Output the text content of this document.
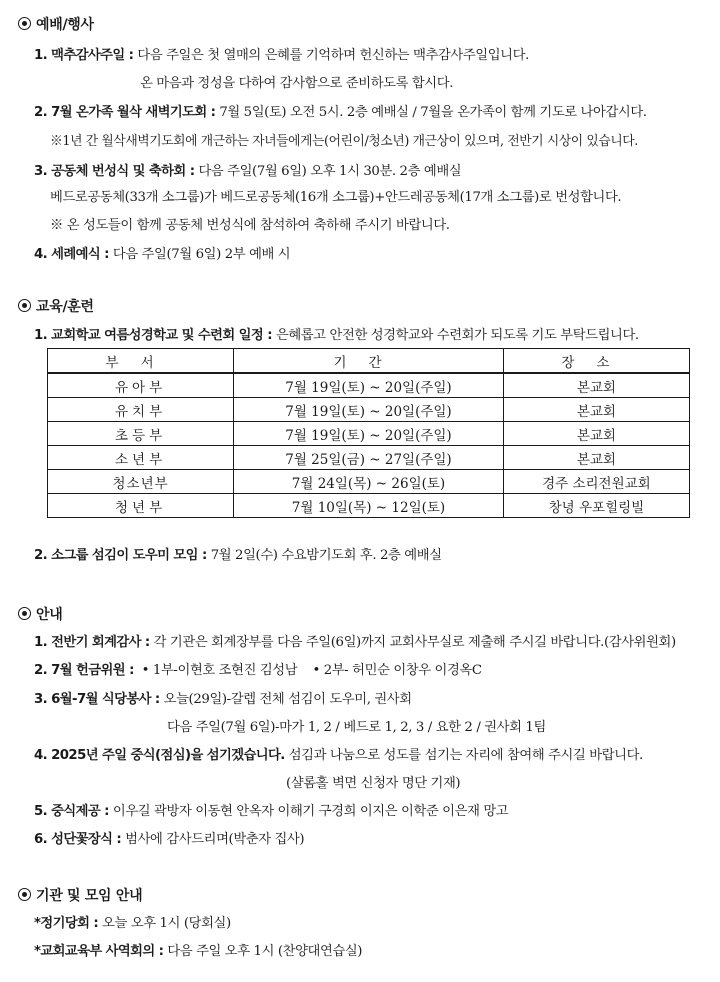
예배/행사
1. 맥추감사주일 : 다음 주일은 첫 열매의 은혜를 기억하며 헌신하는 맥추감사주일입니다.
온 마음과 정성을 다하여 감사함으로 준비하도록 합시다.
2. 7월 온가족 월삭 새벽기도회 : 7월 5일(토) 오전 5시. 2층 예배실 / 7월을 온가족이 함께 기도로 나아갑시다.
※1년 간 월삭새벽기도회에 개근하는 자녀들에게는(어린이/청소년) 개근상이 있으며, 전반기 시상이 있습니다.
3. 공동체 번성식 및 축하회 : 다음 주일(7월 6일) 오후 1시 30분. 2층 예배실
베드로공동체(33개 소그룹)가 베드로공동체(16개 소그룹)+안드레공동체(17개 소그룹)로 번성합니다.
※ 온 성도들이 함께 공동체 번성식에 참석하여 축하해 주시기 바랍니다.
4. 세례예식 : 다음 주일(7월 6일) 2부 예배 시
교육/훈련
1. 교회학교 여름성경학교 및 수련회 일정 : 은혜롭고 안전한 성경학교와 수련회가 되도록 기도 부탁드립니다.
부서	기간	장소
유아부	7월 19일(토) ~ 20일(주일)	본교회
유치부	7월 19일(토) ~ 20일(주일)	본교회
초등부	7월 19일(토) ~ 20일(주일)	본교회
소년부	7월 25일(금) ~ 27일(주일)	본교회
청소년부	7월 24일(목) ~ 26일(토)	경주 소리전원교회
청년부	7월 10일(목) ~ 12일(토)	창녕 우포힐링빌
2. 소그룹 섬김이 도우미 모임 : 7월 2일(수) 수요밤기도회 후. 2층 예배실
안내
1. 전반기 회계감사 : 각 기관은 회계장부를 다음 주일(6일)까지 교회사무실로 제출해 주시길 바랍니다.(감사위원회)
2. 7월 헌금위원 :  • 1부-이현호 조현진 김성남    • 2부- 허민순 이창우 이경옥C
3. 6월-7월 식당봉사 : 오늘(29일)-갈렙 전체 섬김이 도우미, 권사회
다음 주일(7월 6일)-마가 1, 2 / 베드로 1, 2, 3 / 요한 2 / 권사회 1팀
4. 2025년 주일 중식(점심)을 섬기겠습니다. 섬김과 나눔으로 성도를 섬기는 자리에 참여해 주시길 바랍니다.
(샬롬홀 벽면 신청자 명단 기재)
5. 중식제공 : 이우길 곽방자 이동현 안옥자 이해기 구경희 이지은 이학준 이은재 망고
6. 성단꽃장식 : 범사에 감사드리며(박춘자 집사)
기관 및 모임 안내
*정기당회 : 오늘 오후 1시 (당회실)
*교회교육부 사역회의 : 다음 주일 오후 1시 (찬양대연습실)
